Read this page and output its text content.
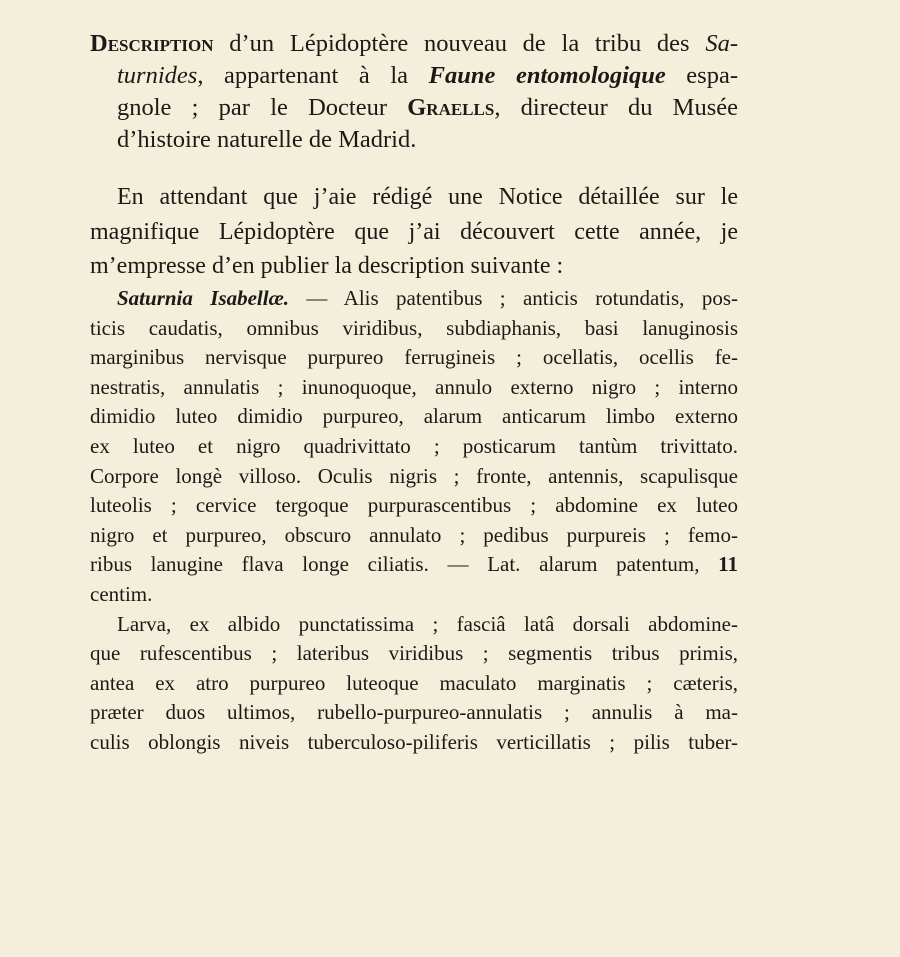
Description d’un Lépidoptère nouveau de la tribu des Sa-
turnides, appartenant à la Faune entomologique espa-
gnole ; par le Docteur Graells, directeur du Musée
d’histoire naturelle de Madrid.
En attendant que j’aie rédigé une Notice détaillée sur le
magnifique Lépidoptère que j’ai découvert cette année, je
m’empresse d’en publier la description suivante :
Saturnia Isabellæ. — Alis patentibus ; anticis rotundatis, pos-
ticis caudatis, omnibus viridibus, subdiaphanis, basi lanuginosis
marginibus nervisque purpureo ferrugineis ; ocellatis, ocellis fe-
nestratis, annulatis ; inunoquoque, annulo externo nigro ; interno
dimidio luteo dimidio purpureo, alarum anticarum limbo externo
ex luteo et nigro quadrivittato ; posticarum tantùm trivittato.
Corpore longè villoso. Oculis nigris ; fronte, antennis, scapulisque
luteolis ; cervice tergoque purpurascentibus ; abdomine ex luteo
nigro et purpureo, obscuro annulato ; pedibus purpureis ; femo-
ribus lanugine flava longe ciliatis. — Lat. alarum patentum, 11
centim.
Larva, ex albido punctatissima ; fasciâ latâ dorsali abdomine-
que rufescentibus ; lateribus viridibus ; segmentis tribus primis,
antea ex atro purpureo luteoque maculato marginatis ; cæteris,
præter duos ultimos, rubello-purpureo-annulatis ; annulis à ma-
culis oblongis niveis tuberculoso-piliferis verticillatis ; pilis tuber-
